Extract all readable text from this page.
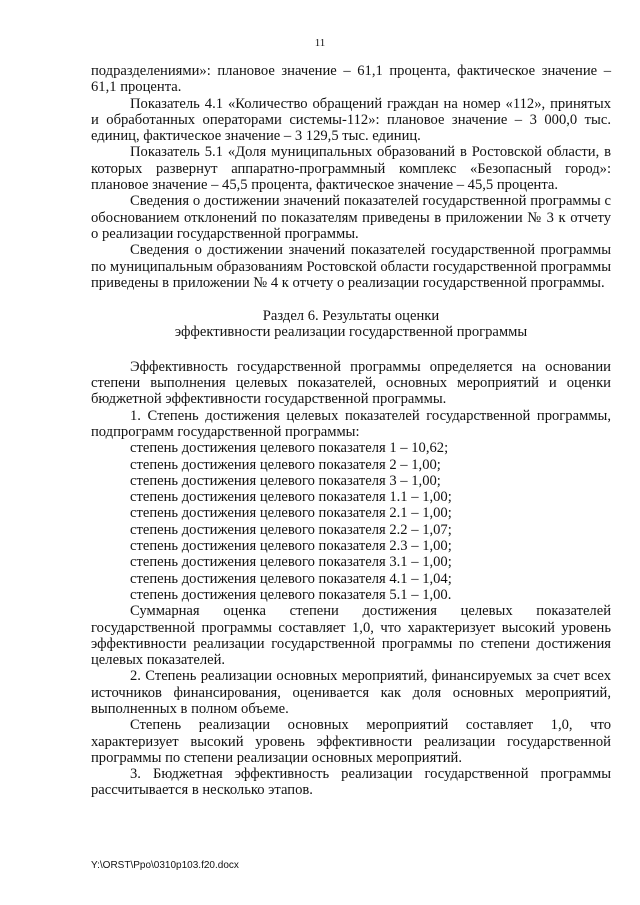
11

подразделениями»: плановое значение – 61,1 процента, фактическое значение – 61,1 процента.

Показатель 4.1 «Количество обращений граждан на номер «112», принятых и обработанных операторами системы-112»: плановое значение – 3 000,0 тыс. единиц, фактическое значение – 3 129,5 тыс. единиц.

Показатель 5.1 «Доля муниципальных образований в Ростовской области, в которых развернут аппаратно-программный комплекс «Безопасный город»: плановое значение – 45,5 процента, фактическое значение – 45,5 процента.

Сведения о достижении значений показателей государственной программы с обоснованием отклонений по показателям приведены в приложении № 3 к отчету о реализации государственной программы.

Сведения о достижении значений показателей государственной программы по муниципальным образованиям Ростовской области государственной программы приведены в приложении № 4 к отчету о реализации государственной программы.

Раздел 6. Результаты оценки
эффективности реализации государственной программы

Эффективность государственной программы определяется на основании степени выполнения целевых показателей, основных мероприятий и оценки бюджетной эффективности государственной программы.

1. Степень достижения целевых показателей государственной программы, подпрограмм государственной программы:

степень достижения целевого показателя 1 – 10,62;

степень достижения целевого показателя 2 – 1,00;

степень достижения целевого показателя 3 – 1,00;

степень достижения целевого показателя 1.1 – 1,00;

степень достижения целевого показателя 2.1 – 1,00;

степень достижения целевого показателя 2.2 – 1,07;

степень достижения целевого показателя 2.3 – 1,00;

степень достижения целевого показателя 3.1 – 1,00;

степень достижения целевого показателя 4.1 – 1,04;

степень достижения целевого показателя 5.1 – 1,00.

Суммарная оценка степени достижения целевых показателей государственной программы составляет 1,0, что характеризует высокий уровень эффективности реализации государственной программы по степени достижения целевых показателей.

2. Степень реализации основных мероприятий, финансируемых за счет всех источников финансирования, оценивается как доля основных мероприятий, выполненных в полном объеме.

Степень реализации основных мероприятий составляет 1,0, что характеризует высокий уровень эффективности реализации государственной программы по степени реализации основных мероприятий.

3. Бюджетная эффективность реализации государственной программы рассчитывается в несколько этапов.

Y:\ORST\Ppo\0310p103.f20.docx
